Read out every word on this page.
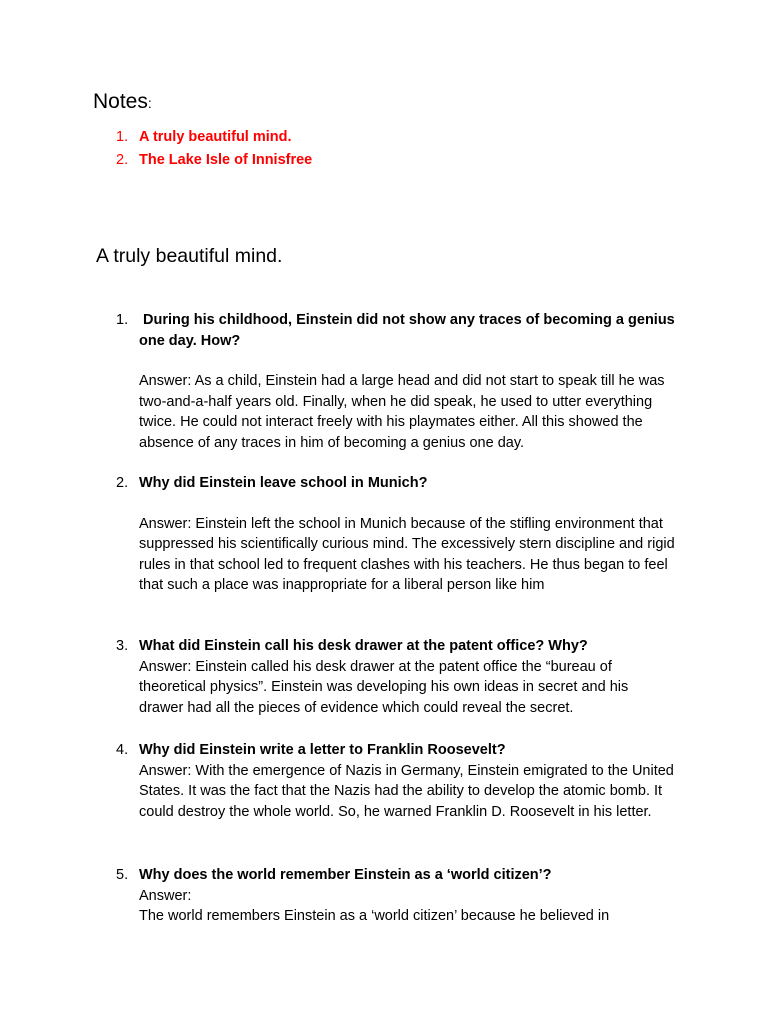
Notes:
1. A truly beautiful mind.
2. The Lake Isle of Innisfree
A truly beautiful mind.
1. During his childhood, Einstein did not show any traces of becoming a genius one day. How?
Answer: As a child, Einstein had a large head and did not start to speak till he was two-and-a-half years old. Finally, when he did speak, he used to utter everything twice. He could not interact freely with his playmates either. All this showed the absence of any traces in him of becoming a genius one day.
2. Why did Einstein leave school in Munich?
Answer: Einstein left the school in Munich because of the stifling environment that suppressed his scientifically curious mind. The excessively stern discipline and rigid rules in that school led to frequent clashes with his teachers. He thus began to feel that such a place was inappropriate for a liberal person like him
3. What did Einstein call his desk drawer at the patent office? Why?
Answer: Einstein called his desk drawer at the patent office the “bureau of theoretical physics”. Einstein was developing his own ideas in secret and his drawer had all the pieces of evidence which could reveal the secret.
4. Why did Einstein write a letter to Franklin Roosevelt?
Answer: With the emergence of Nazis in Germany, Einstein emigrated to the United States. It was the fact that the Nazis had the ability to develop the atomic bomb. It could destroy the whole world. So, he warned Franklin D. Roosevelt in his letter.
5. Why does the world remember Einstein as a ‘world citizen’?
Answer:
The world remembers Einstein as a ‘world citizen’ because he believed in
